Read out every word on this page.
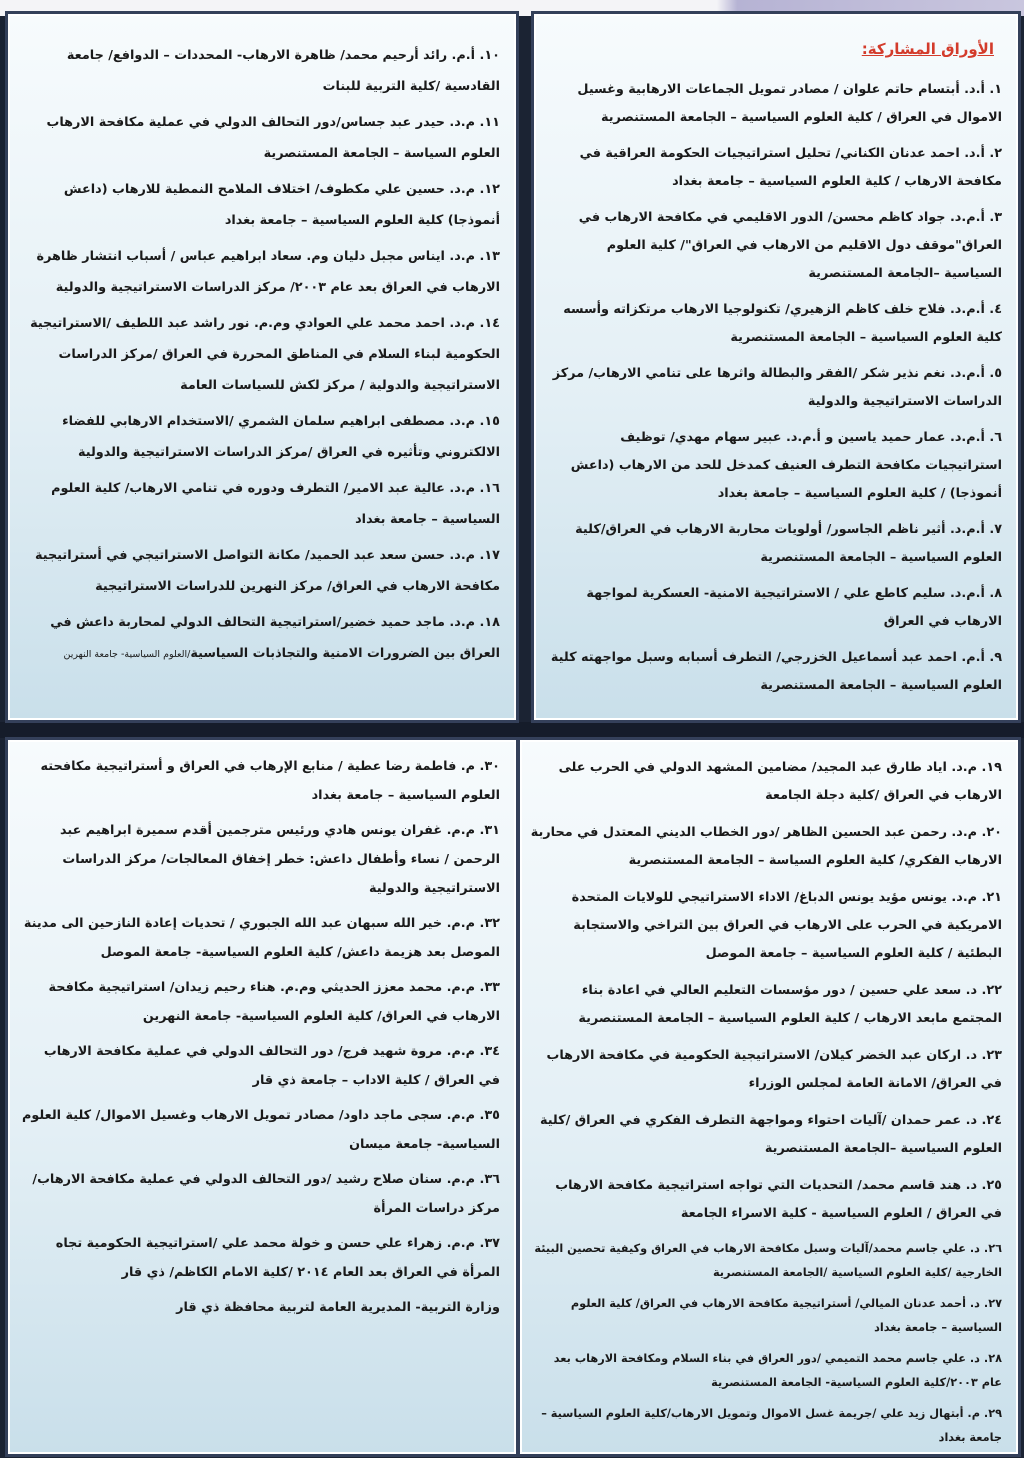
الأوراق المشاركة:
١. أ.د. أبتسام حاتم علوان / مصادر تمويل الجماعات الارهابية وغسيل الاموال في العراق / كلية العلوم السياسية – الجامعة المستنصرية
٢. أ.د. احمد عدنان الكناني/ تحليل استراتيجيات الحكومة العراقية في مكافحة الارهاب / كلية العلوم السياسية – جامعة بغداد
٣. أ.م.د. جواد كاظم محسن/ الدور الاقليمي في مكافحة الارهاب في العراق"موقف دول الاقليم من الارهاب في العراق"/ كلية العلوم السياسية –الجامعة المستنصرية
٤. أ.م.د. فلاح خلف كاظم الزهيري/ تكنولوجيا الارهاب مرتكزاته وأسسه كلية العلوم السياسية – الجامعة المستنصرية
٥. أ.م.د. نغم نذير شكر /الفقر والبطالة واثرها على تنامي الارهاب/ مركز الدراسات الاستراتيجية والدولية
٦. أ.م.د. عمار حميد ياسين و أ.م.د. عبير سهام مهدي/ توظيف استراتيجيات مكافحة التطرف العنيف كمدخل للحد من الارهاب (داعش أنموذجا) / كلية العلوم السياسية – جامعة بغداد
٧. أ.م.د. أثير ناظم الجاسور/ أولويات محاربة الارهاب في العراق/كلية العلوم السياسية – الجامعة المستنصرية
٨. أ.م.د. سليم كاطع علي / الاستراتيجية الامنية- العسكرية لمواجهة الارهاب في العراق
٩. أ.م. احمد عبد أسماعيل الخزرجي/ التطرف أسبابه وسبل مواجهته كلية العلوم السياسية – الجامعة المستنصرية
١٠. أ.م. رائد أرحيم محمد/ ظاهرة الارهاب- المحددات – الدوافع/ جامعة القادسية /كلية التربية للبنات
١١. م.د. حيدر عبد جساس/دور التحالف الدولي في عملية مكافحة الارهاب العلوم السياسة – الجامعة المستنصرية
١٢. م.د. حسين علي مكطوف/ اختلاف الملامح النمطية للارهاب (داعش أنموذجا) كلية العلوم السياسية – جامعة بغداد
١٣. م.د. ايناس مجبل دليان وم. سعاد ابراهيم عباس / أسباب انتشار ظاهرة الارهاب في العراق بعد عام ٢٠٠٣/ مركز الدراسات الاستراتيجية والدولية
١٤. م.د. احمد محمد علي العوادي وم.م. نور راشد عبد اللطيف /الاستراتيجية الحكومية لبناء السلام في المناطق المحررة في العراق /مركز الدراسات الاستراتيجية والدولية / مركز لكش للسياسات العامة
١٥. م.د. مصطفى ابراهيم سلمان الشمري /الاستخدام الارهابي للفضاء الالكتروني وتأثيره في العراق /مركز الدراسات الاستراتيجية والدولية
١٦. م.د. عالية عبد الامير/ التطرف ودوره في تنامي الارهاب/ كلية العلوم السياسية – جامعة بغداد
١٧. م.د. حسن سعد عبد الحميد/ مكانة التواصل الاستراتيجي في أستراتيجية مكافحة الارهاب في العراق/ مركز النهرين للدراسات الاستراتيجية
١٨. م.د. ماجد حميد خضير/استراتيجية التحالف الدولي لمحاربة داعش في العراق بين الضرورات الامنية والتجاذبات السياسية/العلوم السياسية- جامعة النهرين
١٩. م.د. اياد طارق عبد المجيد/ مضامين المشهد الدولي في الحرب على الارهاب في العراق /كلية دجلة الجامعة
٢٠. م.د. رحمن عبد الحسين الظاهر /دور الخطاب الديني المعتدل في محاربة الارهاب الفكري/ كلية العلوم السياسة – الجامعة المستنصرية
٢١. م.د. يونس مؤيد يونس الدباغ/ الاداء الاستراتيجي للولايات المتحدة الامريكية في الحرب على الارهاب في العراق بين التراخي والاستجابة البطئية / كلية العلوم السياسية – جامعة الموصل
٢٢. د. سعد علي حسين / دور مؤسسات التعليم العالي في اعادة بناء المجتمع مابعد الارهاب / كلية العلوم السياسية – الجامعة المستنصرية
٢٣. د. اركان عبد الخضر كيلان/ الاستراتيجية الحكومية في مكافحة الارهاب في العراق/ الامانة العامة لمجلس الوزراء
٢٤. د. عمر حمدان /آليات احتواء ومواجهة التطرف الفكري في العراق /كلية العلوم السياسية –الجامعة المستنصرية
٢٥. د. هند قاسم محمد/ التحديات التي تواجه استراتيجية مكافحة الارهاب في العراق / العلوم السياسية - كلية الاسراء الجامعة
٢٦. د. علي جاسم محمد/آليات وسبل مكافحة الارهاب في العراق وكيفية تحصين البيئة الخارجية /كلية العلوم السياسية /الجامعة المستنصرية
٢٧. د. أحمد عدنان الميالي/ أستراتيجية مكافحة الارهاب في العراق/ كلية العلوم السياسية – جامعة بغداد
٢٨. د. علي جاسم محمد التميمي /دور العراق في بناء السلام ومكافحة الارهاب بعد عام ٢٠٠٣/كلية العلوم السياسية- الجامعة المستنصرية
٢٩. م. أبتهال زيد علي /جريمة غسل الاموال وتمويل الارهاب/كلية العلوم السياسية – جامعة بغداد
٣٠. م. فاطمة رضا عطية / منابع الإرهاب في العراق و أستراتيجية مكافحته العلوم السياسية – جامعة بغداد
٣١. م.م. غفران يونس هادي ورئيس مترجمين أقدم سميرة ابراهيم عبد الرحمن / نساء وأطفال داعش: خطر إخفاق المعالجات/ مركز الدراسات الاستراتيجية والدولية
٣٢. م.م. خير الله سبهان عبد الله الجبوري / تحديات إعادة النازحين الى مدينة الموصل بعد هزيمة داعش/ كلية العلوم السياسية- جامعة الموصل
٣٣. م.م. محمد معزز الحديثي وم.م. هناء رحيم زيدان/ استراتيجية مكافحة الارهاب في العراق/ كلية العلوم السياسية- جامعة النهرين
٣٤. م.م. مروة شهيد فرج/ دور التحالف الدولي في عملية مكافحة الارهاب في العراق / كلية الاداب – جامعة ذي قار
٣٥. م.م. سجى ماجد داود/ مصادر تمويل الارهاب وغسيل الاموال/ كلية العلوم السياسية- جامعة ميسان
٣٦. م.م. سنان صلاح رشيد /دور التحالف الدولي في عملية مكافحة الارهاب/ مركز دراسات المرأة
٣٧. م.م. زهراء علي حسن و خولة محمد علي /استراتيجية الحكومية تجاه المرأة في العراق بعد العام ٢٠١٤ /كلية الامام الكاظم/ ذي قار
وزارة التربية- المديرية العامة لتربية محافظة ذي قار
